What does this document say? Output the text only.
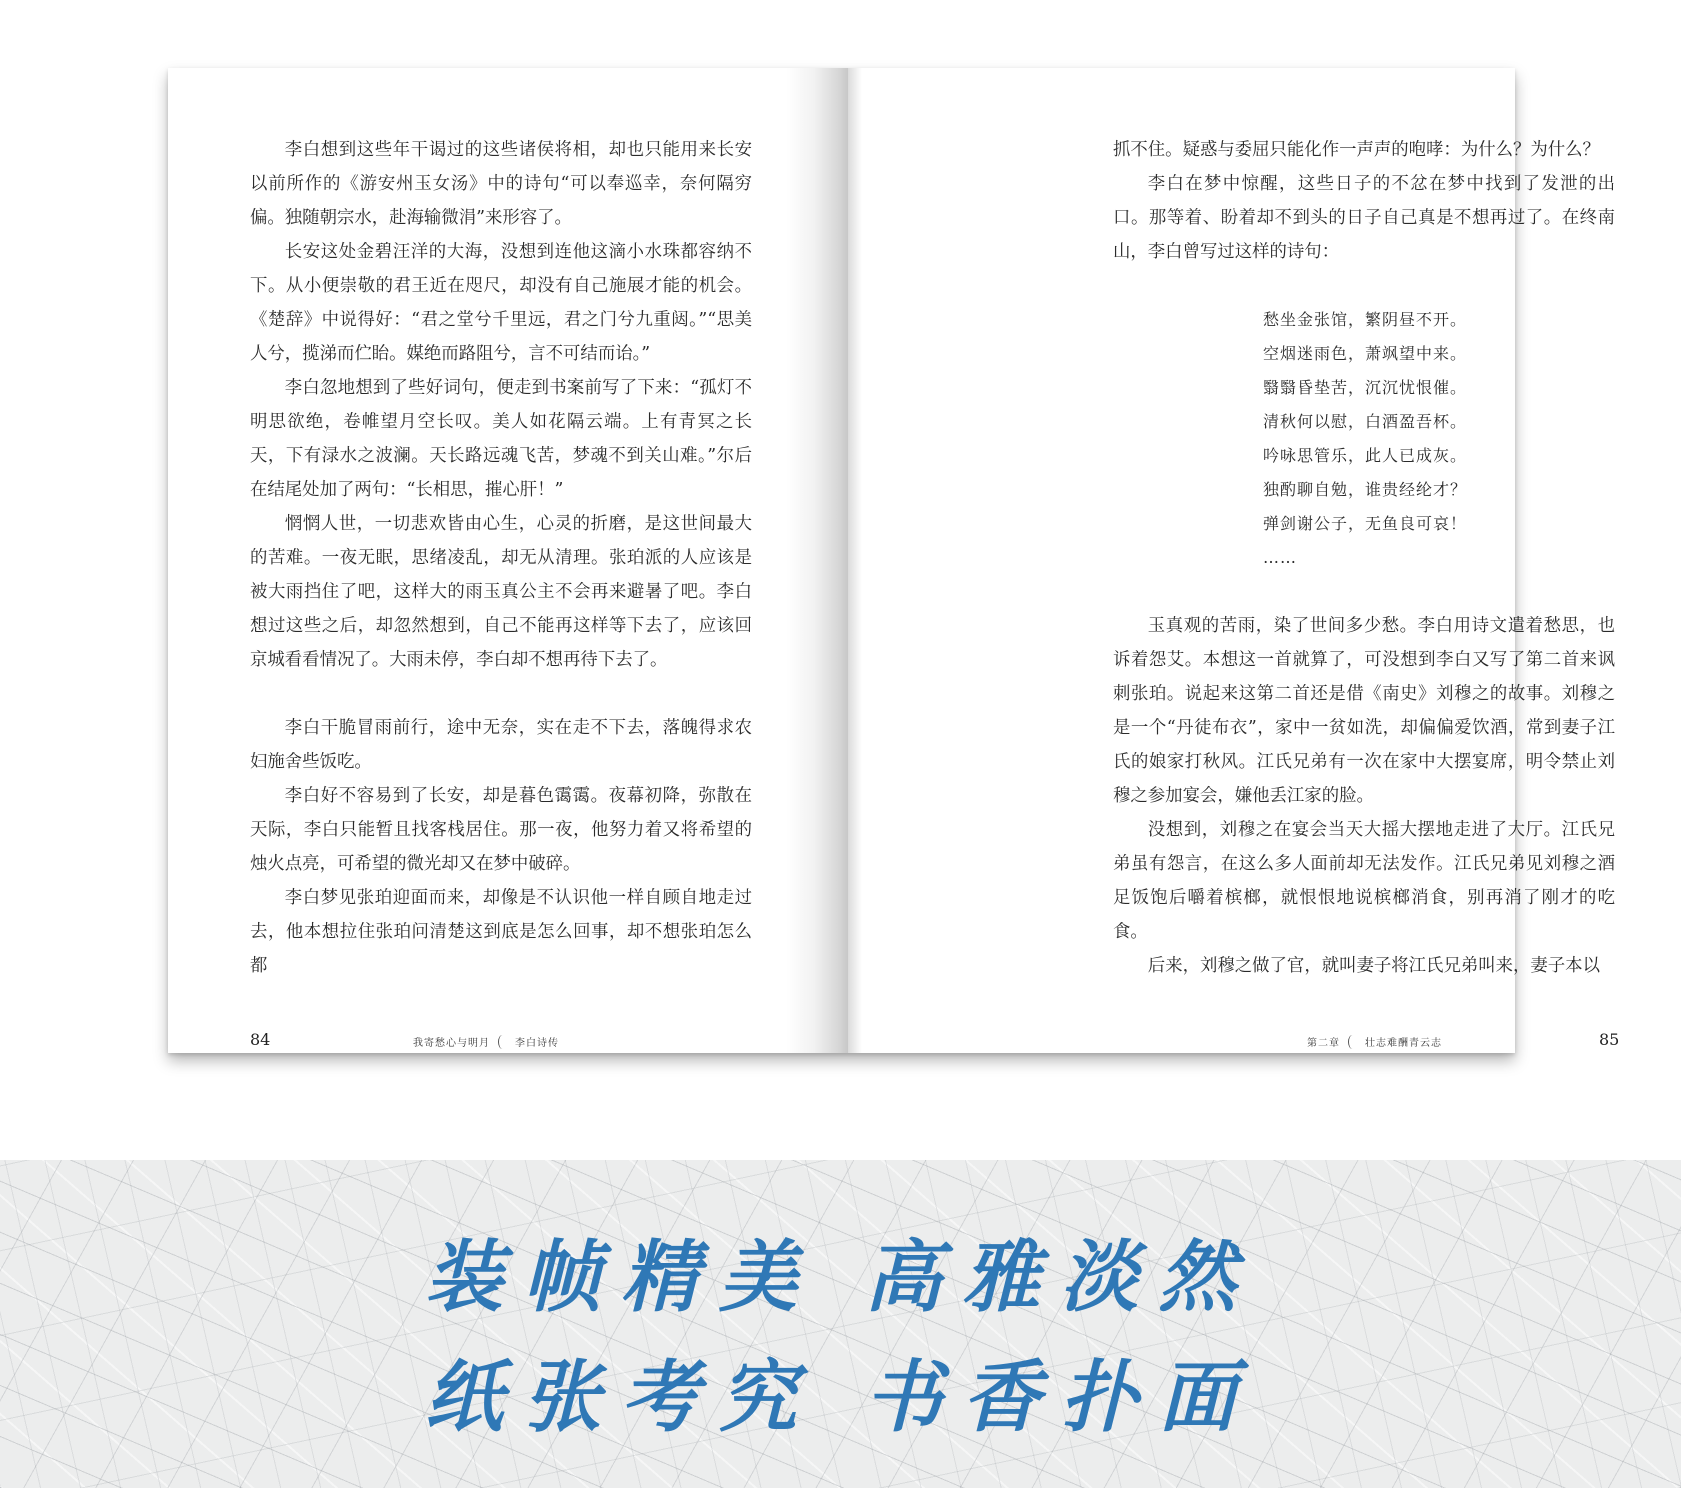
李白想到这些年干谒过的这些诸侯将相，却也只能用来长安以前所作的《游安州玉女汤》中的诗句“可以奉巡幸，奈何隔穷偏。独随朝宗水，赴海输微涓”来形容了。

长安这处金碧汪洋的大海，没想到连他这滴小水珠都容纳不下。从小便崇敬的君王近在咫尺，却没有自己施展才能的机会。《楚辞》中说得好：“君之堂兮千里远，君之门兮九重闼。”“思美人兮，揽涕而伫眙。媒绝而路阻兮，言不可结而诒。”

李白忽地想到了些好词句，便走到书案前写了下来：“孤灯不明思欲绝，卷帷望月空长叹。美人如花隔云端。上有青冥之长天，下有渌水之波澜。天长路远魂飞苦，梦魂不到关山难。”尔后在结尾处加了两句：“长相思，摧心肝！”

惘惘人世，一切悲欢皆由心生，心灵的折磨，是这世间最大的苦难。一夜无眠，思绪凌乱，却无从清理。张珀派的人应该是被大雨挡住了吧，这样大的雨玉真公主不会再来避暑了吧。李白想过这些之后，却忽然想到，自己不能再这样等下去了，应该回京城看看情况了。大雨未停，李白却不想再待下去了。

李白干脆冒雨前行，途中无奈，实在走不下去，落魄得求农妇施舍些饭吃。

李白好不容易到了长安，却是暮色霭霭。夜幕初降，弥散在天际，李白只能暂且找客栈居住。那一夜，他努力着又将希望的烛火点亮，可希望的微光却又在梦中破碎。

李白梦见张珀迎面而来，却像是不认识他一样自顾自地走过去，他本想拉住张珀问清楚这到底是怎么回事，却不想张珀怎么都

84	我寄愁心与明月	李白诗传

抓不住。疑惑与委屈只能化作一声声的咆哮：为什么？为什么？

李白在梦中惊醒，这些日子的不忿在梦中找到了发泄的出口。那等着、盼着却不到头的日子自己真是不想再过了。在终南山，李白曾写过这样的诗句：

愁坐金张馆，繁阴昼不开。
空烟迷雨色，萧飒望中来。
翳翳昏垫苦，沉沉忧恨催。
清秋何以慰，白酒盈吾杯。
吟咏思管乐，此人已成灰。
独酌聊自勉，谁贵经纶才？
弹剑谢公子，无鱼良可哀！
……

玉真观的苦雨，染了世间多少愁。李白用诗文遣着愁思，也诉着怨艾。本想这一首就算了，可没想到李白又写了第二首来讽刺张珀。说起来这第二首还是借《南史》刘穆之的故事。刘穆之是一个“丹徒布衣”，家中一贫如洗，却偏偏爱饮酒，常到妻子江氏的娘家打秋风。江氏兄弟有一次在家中大摆宴席，明令禁止刘穆之参加宴会，嫌他丢江家的脸。

没想到，刘穆之在宴会当天大摇大摆地走进了大厅。江氏兄弟虽有怨言，在这么多人面前却无法发作。江氏兄弟见刘穆之酒足饭饱后嚼着槟榔，就恨恨地说槟榔消食，别再消了刚才的吃食。

后来，刘穆之做了官，就叫妻子将江氏兄弟叫来，妻子本以

第二章	壮志难酬青云志	85
装帧精美 高雅淡然
纸张考究 书香扑面
